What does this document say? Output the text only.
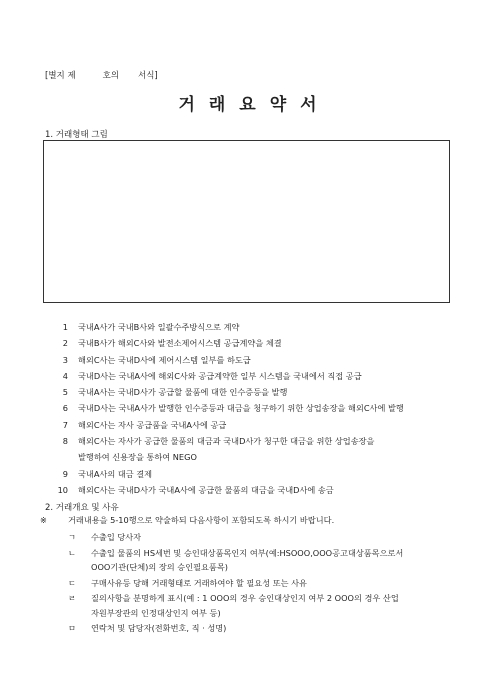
[별지 제          호의       서식]
거래요약서
1. 거래형태 그림
1	국내A사가 국내B사와 일괄수주방식으로 계약
2	국내B사가 해외C사와 발전소제어시스템 공급계약을 체결
3	해외C사는 국내D사에 제어시스템 일부를 하도급
4	국내D사는 국내A사에 해외C사와 공급계약한 일부 시스템을 국내에서 직접 공급
5	국내A사는 국내D사가 공급할 물품에 대한 인수증등을 발행
6	국내D사는 국내A사가 발행한 인수증등과 대금을 청구하기 위한 상업송장을 해외C사에 발행
7	해외C사는 자사 공급품을 국내A사에 공급
8	해외C사는 자사가 공급한 물품의 대금과 국내D사가 청구한 대금을 위한 상업송장을
발행하여 신용장을 통하여 NEGO
9	국내A사의 대금 결제
10	해외C사는 국내D사가 국내A사에 공급한 물품의 대금을 국내D사에 송금
2. 거래개요 및 사유
※	거래내용을 5-10행으로 약술하되 다음사항이 포함되도록 하시기 바랍니다.
ㄱ	수출입 당사자
ㄴ	수출입 물품의 HS세번 및 승인대상품목인지 여부(예:HSOOO,OOO공고대상품목으로서
OOO기관(단체)의 장의 승인필요품목)
ㄷ	구매사유등 당해 거래형태로 거래하여야 할 필요성 또는 사유
ㄹ	질의사항을 분명하게 표시(예 : 1 OOO의 경우 승인대상인지 여부 2 OOO의 경우 산업
자원부장관의 인정대상인지 여부 등)
ㅁ	연락처 및 담당자(전화번호, 직 · 성명)
